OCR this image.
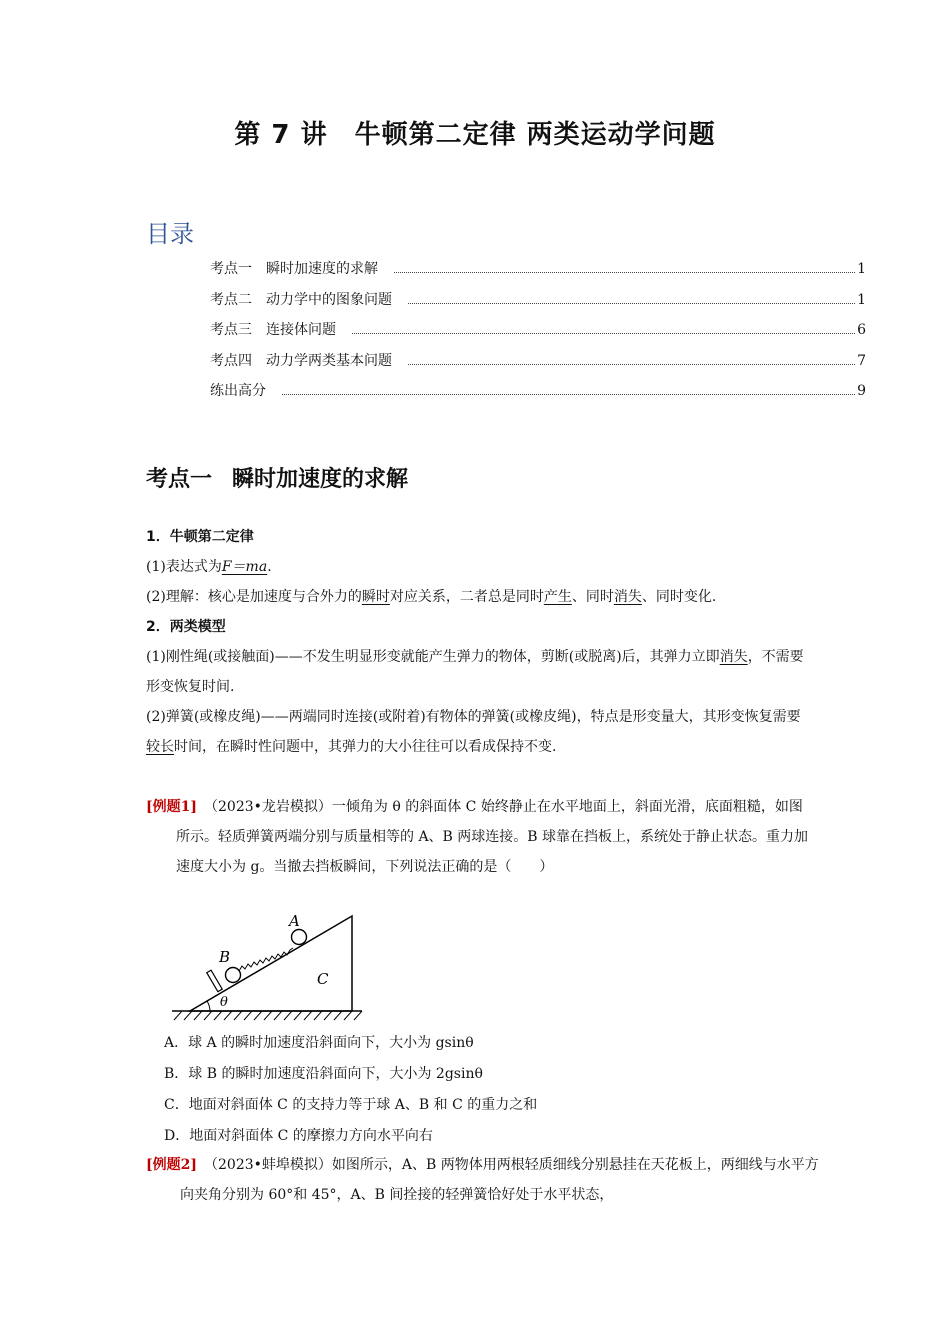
第 7 讲　牛顿第二定律 两类运动学问题
目录
考点一 瞬时加速度的求解	1
考点二 动力学中的图象问题	1
考点三 连接体问题	6
考点四 动力学两类基本问题	7
练出高分	9
考点一 瞬时加速度的求解
1．牛顿第二定律
(1)表达式为F＝ma.
(2)理解：核心是加速度与合外力的瞬时对应关系，二者总是同时产生、同时消失、同时变化.
2．两类模型
(1)刚性绳(或接触面)——不发生明显形变就能产生弹力的物体，剪断(或脱离)后，其弹力立即消失，不需要形变恢复时间.
(2)弹簧(或橡皮绳)——两端同时连接(或附着)有物体的弹簧(或橡皮绳)，特点是形变量大，其形变恢复需要较长时间，在瞬时性问题中，其弹力的大小往往可以看成保持不变.
[例题1]　 （2023•龙岩模拟）一倾角为 θ 的斜面体 C 始终静止在水平地面上，斜面光滑，底面粗糙，如图所示。轻质弹簧两端分别与质量相等的 A、B 两球连接。B 球靠在挡板上，系统处于静止状态。重力加速度大小为 g。当撤去挡板瞬间，下列说法正确的是（　　）
A
B
C
θ
A．球 A 的瞬时加速度沿斜面向下，大小为 gsinθ
B．球 B 的瞬时加速度沿斜面向下，大小为 2gsinθ
C．地面对斜面体 C 的支持力等于球 A、B 和 C 的重力之和
D．地面对斜面体 C 的摩擦力方向水平向右
[例题2]　 （2023•蚌埠模拟）如图所示，A、B 两物体用两根轻质细线分别悬挂在天花板上，两细线与水平方向夹角分别为 60°和 45°，A、B 间拴接的轻弹簧恰好处于水平状态，
